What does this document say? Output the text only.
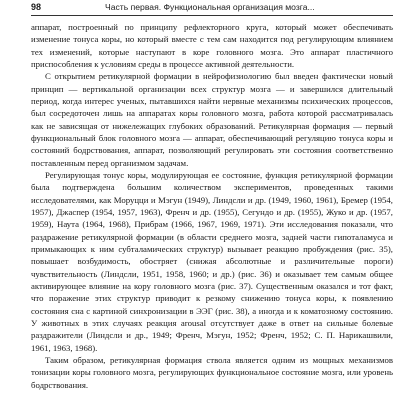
98	Часть первая. Функциональная организация мозга...

аппарат, построенный по принципу рефлекторного круга, который может обеспечивать изменение тонуса коры, но который вместе с тем сам находится под регулирующим влиянием тех изменений, которые наступают в коре головного мозга. Это аппарат пластичного приспособления к условиям среды в процессе активной деятельности.

С открытием ретикулярной формации в нейрофизиологию был введен фактически новый принцип — вертикальной организации всех структур мозга — и завершился длительный период, когда интерес ученых, пытавшихся найти нервные механизмы психических процессов, был сосредоточен лишь на аппаратах коры головного мозга, работа которой рассматривалась как не зависящая от нижележащих глубоких образований. Ретикулярная формация — первый функциональный блок головного мозга — аппарат, обеспечивающий регуляцию тонуса коры и состояний бодрствования, аппарат, позволяющий регулировать эти состояния соответственно поставленным перед организмом задачам.

Регулирующая тонус коры, модулирующая ее состояние, функция ретикулярной формации была подтверждена большим количеством экспериментов, проведенных такими исследователями, как Моруцци и Мэгун (1949), Линдсли и др. (1949, 1960, 1961), Бремер (1954, 1957), Джаспер (1954, 1957, 1963), Френч и др. (1955), Сегундо и др. (1955), Жуко и др. (1957, 1959), Наута (1964, 1968), Прибрам (1966, 1967, 1969, 1971). Эти исследования показали, что раздражение ретикулярной формации (в области среднего мозга, задней части гипоталамуса и примыкающих к ним субталамических структур) вызывает реакцию пробуждения (рис. 35), повышает возбудимость, обостряет (снижая абсолютные и различительные пороги) чувствительность (Линдсли, 1951, 1958, 1960; и др.) (рис. 36) и оказывает тем самым общее активирующее влияние на кору головного мозга (рис. 37). Существенным оказался и тот факт, что поражение этих структур приводит к резкому снижению тонуса коры, к появлению состояния сна с картиной синхронизации в ЭЭГ (рис. 38), а иногда и к коматозному состоянию. У животных в этих случаях реакция arousal отсутствует даже в ответ на сильные болевые раздражители (Линдсли и др., 1949; Френч, Мэгун, 1952; Френч, 1952; С. П. Нарикашвили, 1961, 1963, 1968).

Таким образом, ретикулярная формация ствола является одним из мощных механизмов тонизации коры головного мозга, регулирующих функциональное состояние мозга, или уровень бодрствования.
